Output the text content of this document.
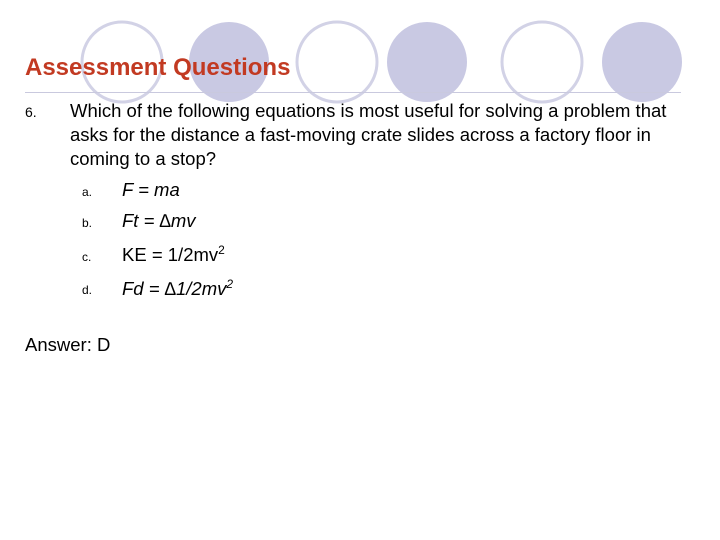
Assessment Questions
6. Which of the following equations is most useful for solving a problem that asks for the distance a fast-moving crate slides across a factory floor in coming to a stop?
a. F = ma
b. Ft = ∆mv
c. KE = $1/2mv^2$
d. $Fd = \Delta 1/2mv^2$
Answer: D
